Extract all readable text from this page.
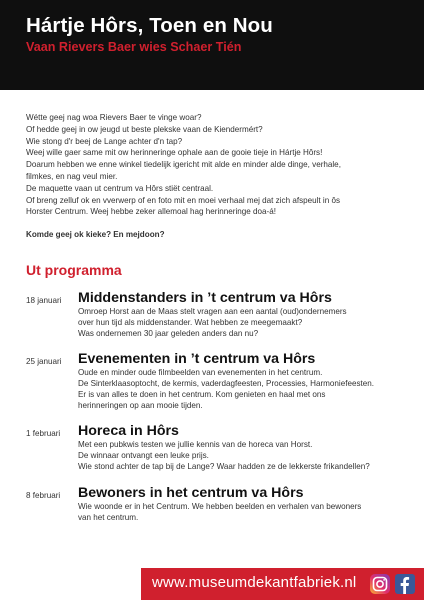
Hártje Hôrs, Toen en Nou
Vaan Rievers Baer wies Schaer Tién
Wétte geej nag woa Rievers Baer te vinge woar?
Of hedde geej in ow jeugd ut beste plekske vaan de Kiendermért?
Wie stong d'r beej de Lange achter d'n tap?
Weej wille gaer same mit ow herinneringe ophale aan de gooie tieje in Hártje Hôrs!
Doarum hebben we enne winkel tiedelijk igericht mit alde en minder alde dinge, verhale,
filmkes, en nag veul mier.
De maquette vaan ut centrum va Hôrs stiët centraal.
Of breng zelluf ok en vverwerp of en foto mit en moei verhaal mej dat zich afspeult in ôs
Horster Centrum. Weej hebbe zeker allemoal hag herinneringe doa-á!
Komde geej ok kieke? En mejdoon?
Ut programma
18 januari	Middenstanders in ’t centrum va Hôrs
Omroep Horst aan de Maas stelt vragen aan een aantal (oud)ondernemers
over hun tijd als middenstander. Wat hebben ze meegemaakt?
Was ondernemen 30 jaar geleden anders dan nu?
25 januari	Evenementen in ’t centrum va Hôrs
Oude en minder oude filmbeelden van evenementen in het centrum.
De Sinterklaasoptocht, de kermis, vaderdagfeesten, Processies, Harmoniefeesten.
Er is van alles te doen in het centrum. Kom genieten en haal met ons
herinneringen op aan mooie tijden.
1 februari	Horeca in Hôrs
Met een pubkwis testen we jullie kennis van de horeca van Horst.
De winnaar ontvangt een leuke prijs.
Wie stond achter de tap bij de Lange? Waar hadden ze de lekkerste frikandellen?
8 februari	Bewoners in het centrum va Hôrs
Wie woonde er in het Centrum. We hebben beelden en verhalen van bewoners
van het centrum.
www.museumdekantfabriek.nl
